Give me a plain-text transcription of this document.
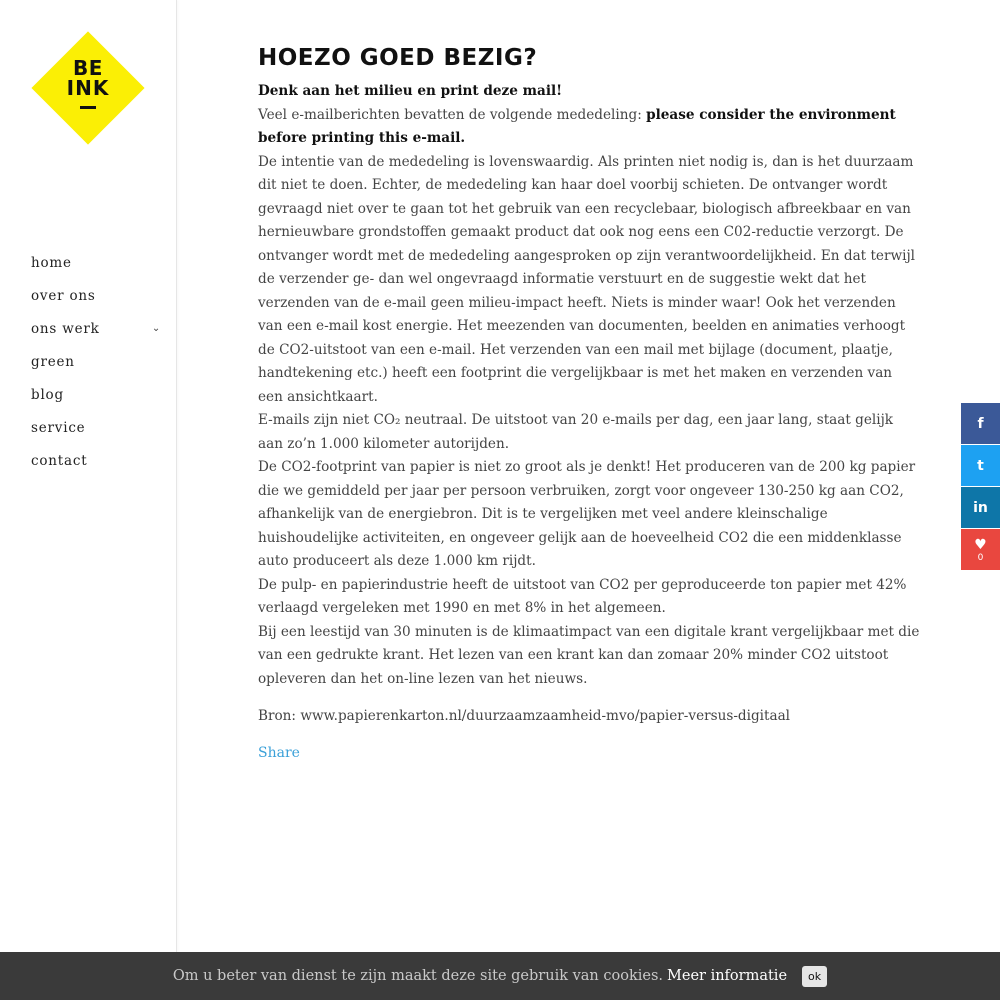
BE
INK
home
over ons
ons werk	⌄
green
blog
service
contact
HOEZO GOED BEZIG?
Denk aan het milieu en print deze mail!
Veel e-mailberichten bevatten de volgende mededeling: please consider the environment before printing this e-mail.
De intentie van de mededeling is lovenswaardig. Als printen niet nodig is, dan is het duurzaam dit niet te doen. Echter, de mededeling kan haar doel voorbij schieten. De ontvanger wordt gevraagd niet over te gaan tot het gebruik van een recyclebaar, biologisch afbreekbaar en van hernieuwbare grondstoffen gemaakt product dat ook nog eens een C02-reductie verzorgt. De ontvanger wordt met de mededeling aangesproken op zijn verantwoordelijkheid. En dat terwijl de verzender ge- dan wel ongevraagd informatie verstuurt en de suggestie wekt dat het verzenden van de e-mail geen milieu-impact heeft. Niets is minder waar! Ook het verzenden van een e-mail kost energie. Het meezenden van documenten, beelden en animaties verhoogt de CO2-uitstoot van een e-mail. Het verzenden van een mail met bijlage (document, plaatje, handtekening etc.) heeft een footprint die vergelijkbaar is met het maken en verzenden van een ansichtkaart.
E-mails zijn niet CO₂ neutraal. De uitstoot van 20 e-mails per dag, een jaar lang, staat gelijk aan zo’n 1.000 kilometer autorijden.
De CO2-footprint van papier is niet zo groot als je denkt! Het produceren van de 200 kg papier die we gemiddeld per jaar per persoon verbruiken, zorgt voor ongeveer 130-250 kg aan CO2, afhankelijk van de energiebron. Dit is te vergelijken met veel andere kleinschalige huishoudelijke activiteiten, en ongeveer gelijk aan de hoeveelheid CO2 die een middenklasse auto produceert als deze 1.000 km rijdt.
De pulp- en papierindustrie heeft de uitstoot van CO2 per geproduceerde ton papier met 42% verlaagd vergeleken met 1990 en met 8% in het algemeen.
Bij een leestijd van 30 minuten is de klimaatimpact van een digitale krant vergelijkbaar met die van een gedrukte krant. Het lezen van een krant kan dan zomaar 20% minder CO2 uitstoot opleveren dan het on-line lezen van het nieuws.
Bron: www.papierenkarton.nl/duurzaamzaamheid-mvo/papier-versus-digitaal
Share
f
t
in
♥
0
Om u beter van dienst te zijn maakt deze site gebruik van cookies. Meer informatie	ok
